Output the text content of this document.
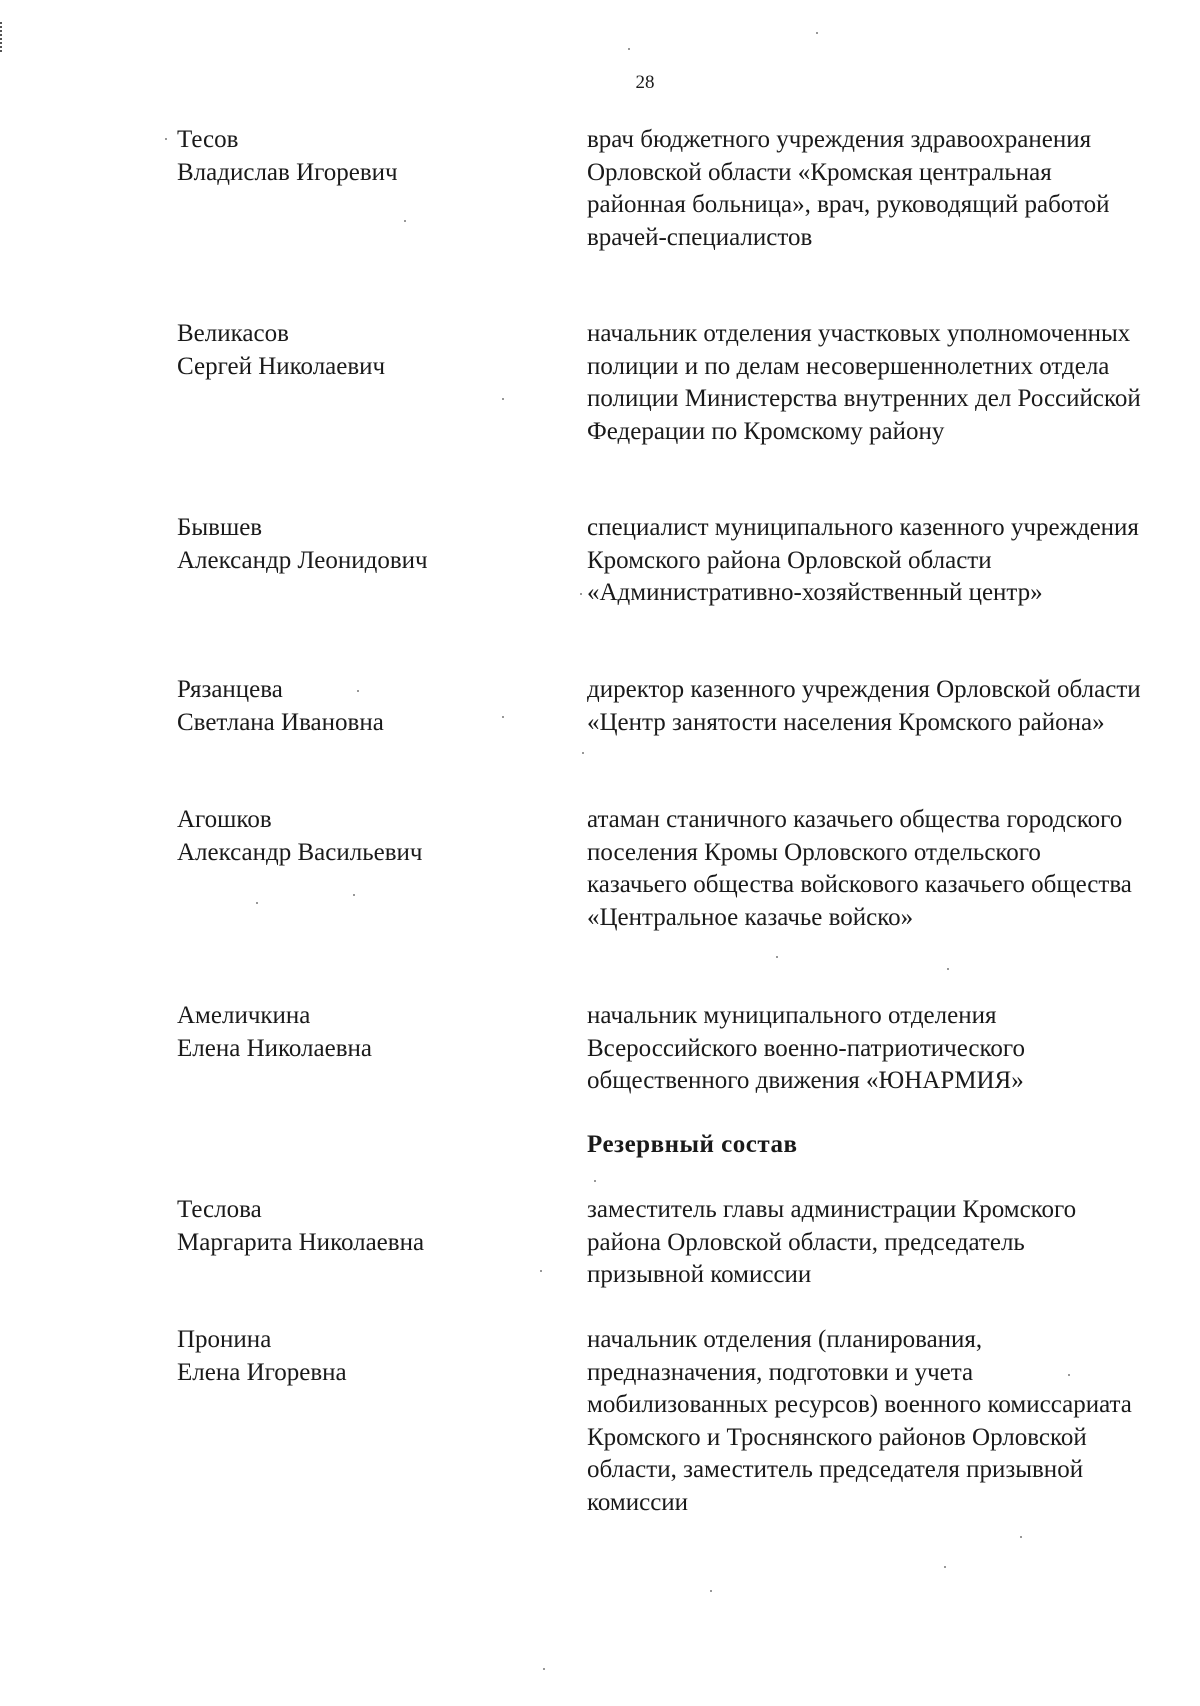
28
Тесов
Владислав Игоревич
врач бюджетного учреждения здравоохранения Орловской области «Кромская центральная районная больница», врач, руководящий работой врачей-специалистов
Великасов
Сергей Николаевич
начальник отделения участковых уполномоченных полиции и по делам несовершеннолетних отдела полиции Министерства внутренних дел Российской Федерации по Кромскому району
Бывшев
Александр Леонидович
специалист муниципального казенного учреждения Кромского района Орловской области «Административно-хозяйственный центр»
Рязанцева
Светлана Ивановна
директор казенного учреждения Орловской области «Центр занятости населения Кромского района»
Агошков
Александр Васильевич
атаман станичного казачьего общества городского поселения Кромы Орловского отдельского казачьего общества войскового казачьего общества «Центральное казачье войско»
Амеличкина
Елена Николаевна
начальник муниципального отделения Всероссийского военно-патриотического общественного движения «ЮНАРМИЯ»
Резервный состав
Теслова
Маргарита Николаевна
заместитель главы администрации Кромского района Орловской области, председатель призывной комиссии
Пронина
Елена Игоревна
начальник отделения (планирования, предназначения, подготовки и учета мобилизованных ресурсов) военного комиссариата Кромского и Троснянского районов Орловской области, заместитель председателя призывной комиссии
